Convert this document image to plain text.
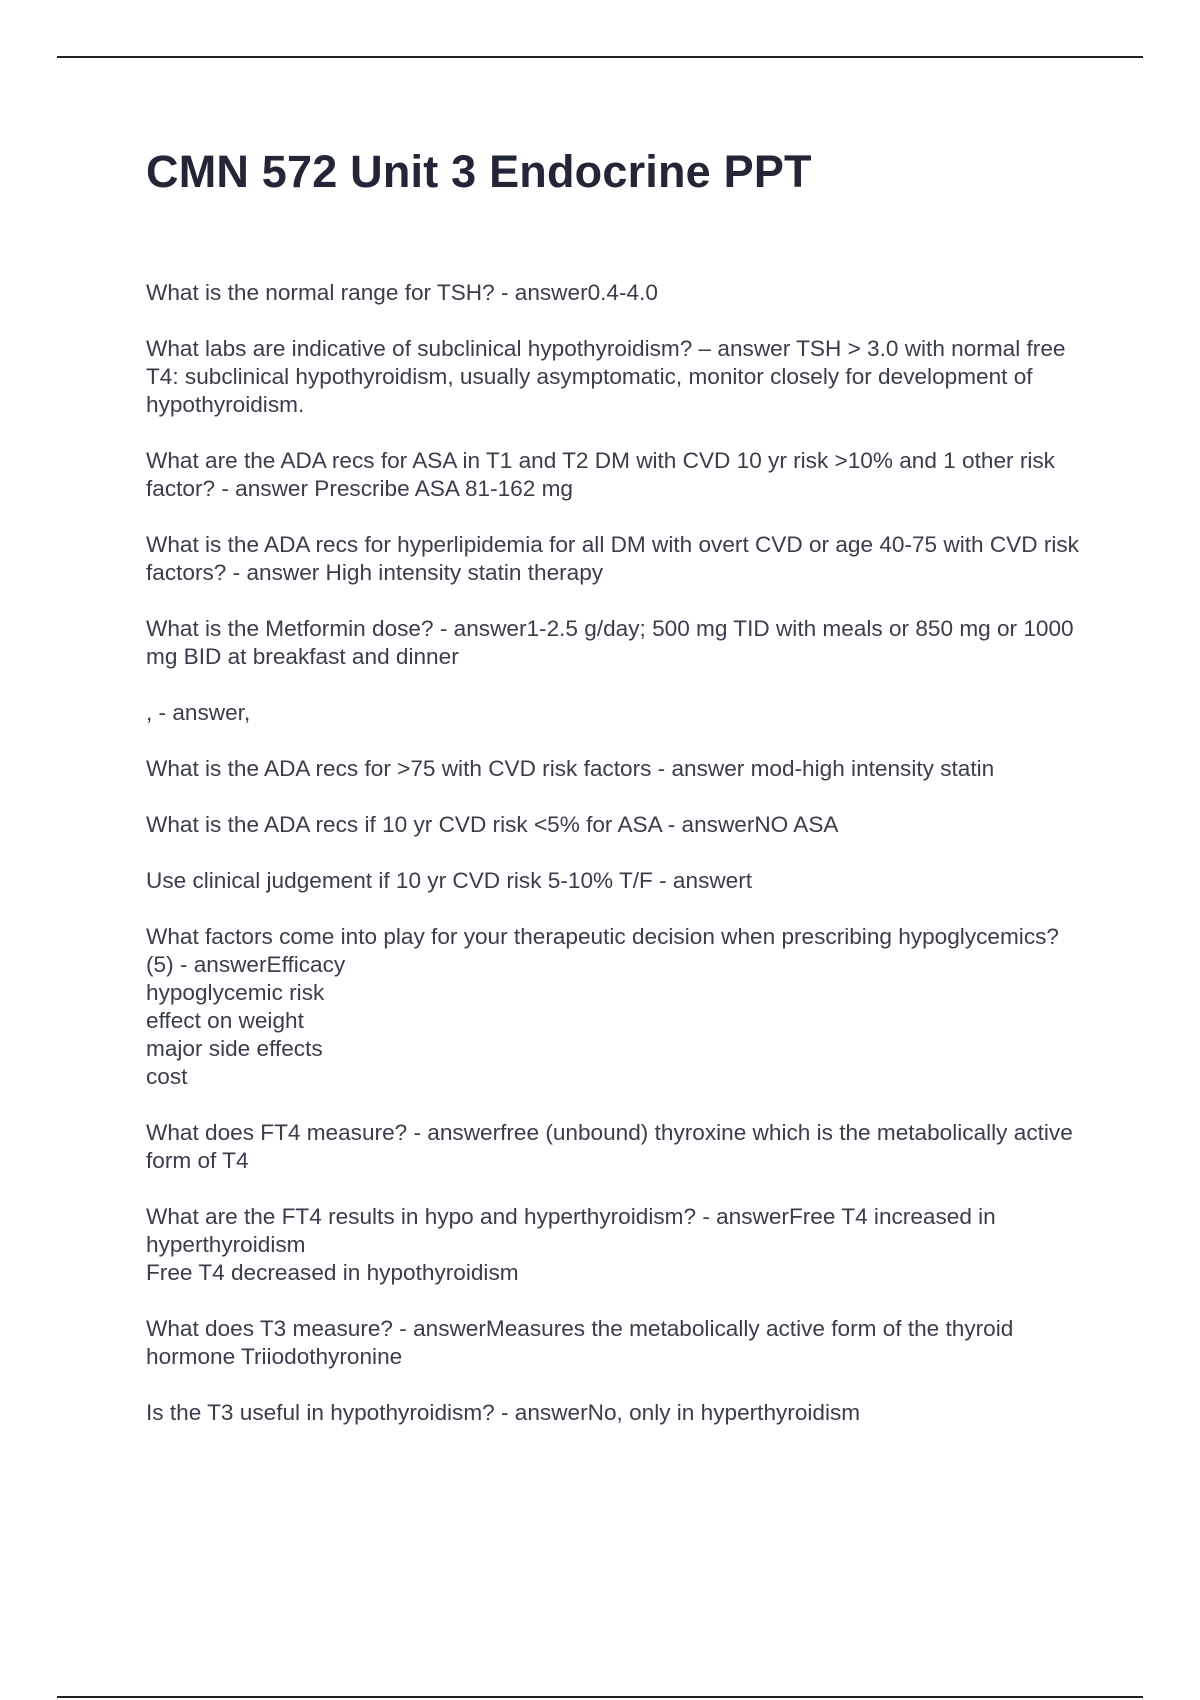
CMN 572 Unit 3 Endocrine PPT

What is the normal range for TSH? - answer0.4-4.0

What labs are indicative of subclinical hypothyroidism? – answer TSH > 3.0 with normal free T4: subclinical hypothyroidism, usually asymptomatic, monitor closely for development of hypothyroidism.

What are the ADA recs for ASA in T1 and T2 DM with CVD 10 yr risk >10% and 1 other risk factor? - answer Prescribe ASA 81-162 mg

What is the ADA recs for hyperlipidemia for all DM with overt CVD or age 40-75 with CVD risk factors? - answer High intensity statin therapy

What is the Metformin dose? - answer1-2.5 g/day; 500 mg TID with meals or 850 mg or 1000 mg BID at breakfast and dinner

, - answer,

What is the ADA recs for >75 with CVD risk factors - answer mod-high intensity statin

What is the ADA recs if 10 yr CVD risk <5% for ASA - answerNO ASA

Use clinical judgement if 10 yr CVD risk 5-10% T/F - answert

What factors come into play for your therapeutic decision when prescribing hypoglycemics? (5) - answerEfficacy
hypoglycemic risk
effect on weight
major side effects
cost

What does FT4 measure? - answerfree (unbound) thyroxine which is the metabolically active form of T4

What are the FT4 results in hypo and hyperthyroidism? - answerFree T4 increased in hyperthyroidism
Free T4 decreased in hypothyroidism

What does T3 measure? - answerMeasures the metabolically active form of the thyroid hormone Triiodothyronine

Is the T3 useful in hypothyroidism? - answerNo, only in hyperthyroidism
